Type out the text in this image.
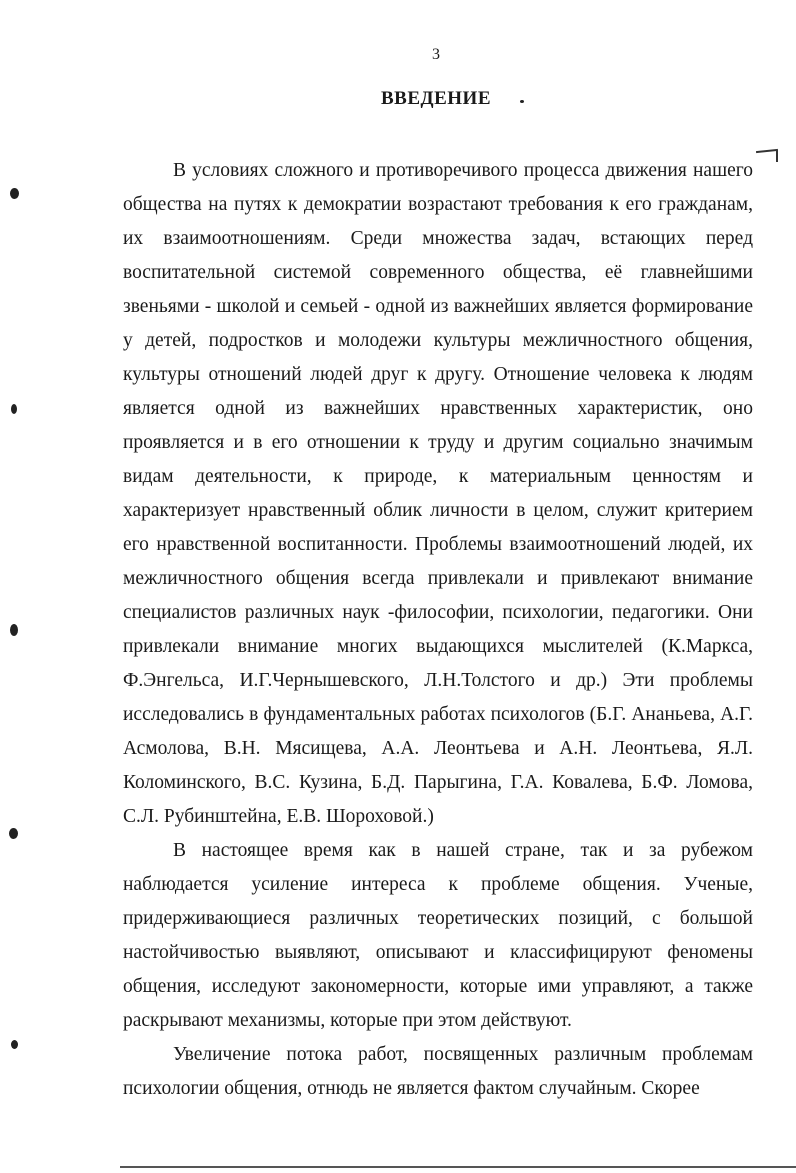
3
ВВЕДЕНИЕ

В условиях сложного и противоречивого процесса движения нашего общества на путях к демократии возрастают требования к его гражданам, их взаимоотношениям. Среди множества задач, встающих перед воспитательной системой современного общества, её главнейшими звеньями - школой и семьей - одной из важнейших является формирование у детей, подростков и молодежи культуры межличностного общения, культуры отношений людей друг к другу. Отношение человека к людям является одной из важнейших нравственных характеристик, оно проявляется и в его отношении к труду и другим социально значимым видам деятельности, к природе, к материальным ценностям и характеризует нравственный облик личности в целом, служит критерием его нравственной воспитанности. Проблемы взаимоотношений людей, их межличностного общения всегда привлекали и привлекают внимание специалистов различных наук -философии, психологии, педагогики. Они привлекали внимание многих выдающихся мыслителей (К.Маркса, Ф.Энгельса, И.Г.Чернышевского, Л.Н.Толстого и др.) Эти проблемы исследовались в фундаментальных работах психологов (Б.Г. Ананьева, А.Г. Асмолова, В.Н. Мясищева, А.А. Леонтьева и А.Н. Леонтьева, Я.Л. Коломинского, В.С. Кузина, Б.Д. Парыгина, Г.А. Ковалева, Б.Ф. Ломова, С.Л. Рубинштейна, Е.В. Шороховой.)

В настоящее время как в нашей стране, так и за рубежом наблюдается усиление интереса к проблеме общения. Ученые, придерживающиеся различных теоретических позиций, с большой настойчивостью выявляют, описывают и классифицируют феномены общения, исследуют закономерности, которые ими управляют, а также раскрывают механизмы, которые при этом действуют.

Увеличение потока работ, посвященных различным проблемам психологии общения, отнюдь не является фактом случайным. Скорее
